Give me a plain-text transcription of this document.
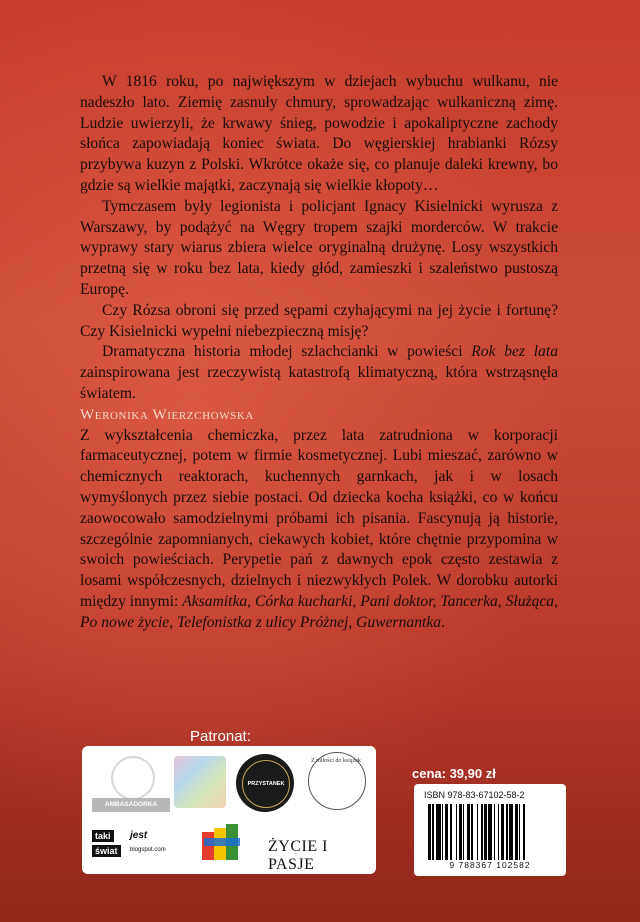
W 1816 roku, po największym w dziejach wybuchu wulkanu, nie nadeszło lato. Ziemię zasnuły chmury, sprowadzając wulkaniczną zimę. Ludzie uwierzyli, że krwawy śnieg, powodzie i apokaliptyczne zachody słońca zapowiadają koniec świata. Do węgierskiej hrabianki Rózsy przybywa kuzyn z Polski. Wkrótce okaże się, co planuje daleki krewny, bo gdzie są wielkie majątki, zaczynają się wielkie kłopoty…

Tymczasem były legionista i policjant Ignacy Kisielnicki wyrusza z Warszawy, by podążyć na Węgry tropem szajki morderców. W trakcie wyprawy stary wiarus zbiera wielce oryginalną drużynę. Losy wszystkich przetną się w roku bez lata, kiedy głód, zamieszki i szaleństwo pustoszą Europę.

Czy Rózsa obroni się przed sępami czyhającymi na jej życie i fortunę? Czy Kisielnicki wypełni niebezpieczną misję?

Dramatyczna historia młodej szlachcianki w powieści Rok bez lata zainspirowana jest rzeczywistą katastrofą klimatyczną, która wstrząsnęła światem.

Weronika Wierzchowska

Z wykształcenia chemiczka, przez lata zatrudniona w korporacji farmaceutycznej, potem w firmie kosmetycznej. Lubi mieszać, zarówno w chemicznych reaktorach, kuchennych garnkach, jak i w losach wymyślonych przez siebie postaci. Od dziecka kocha książki, co w końcu zaowocowało samodzielnymi próbami ich pisania. Fascynują ją historie, szczególnie zapomnianych, ciekawych kobiet, które chętnie przypomina w swoich powieściach. Perypetie pań z dawnych epok często zestawia z losami współczesnych, dzielnych i niezwykłych Polek. W dorobku autorki między innymi: Aksamitka, Córka kucharki, Pani doktor, Tancerka, Służąca, Po nowe życie, Telefonistka z ulicy Próżnej, Guwernantka.

Patronat:
AMBASADORKA KSIĄŻEK
PRZYSTANEK SZCZĘŚCIA
Z miłości do książek
taki	jest
świat	blogspot.com	ŻYCIE I PASJE
cena: 39,90 zł
ISBN 978-83-67102-58-2
9 788367 102582
